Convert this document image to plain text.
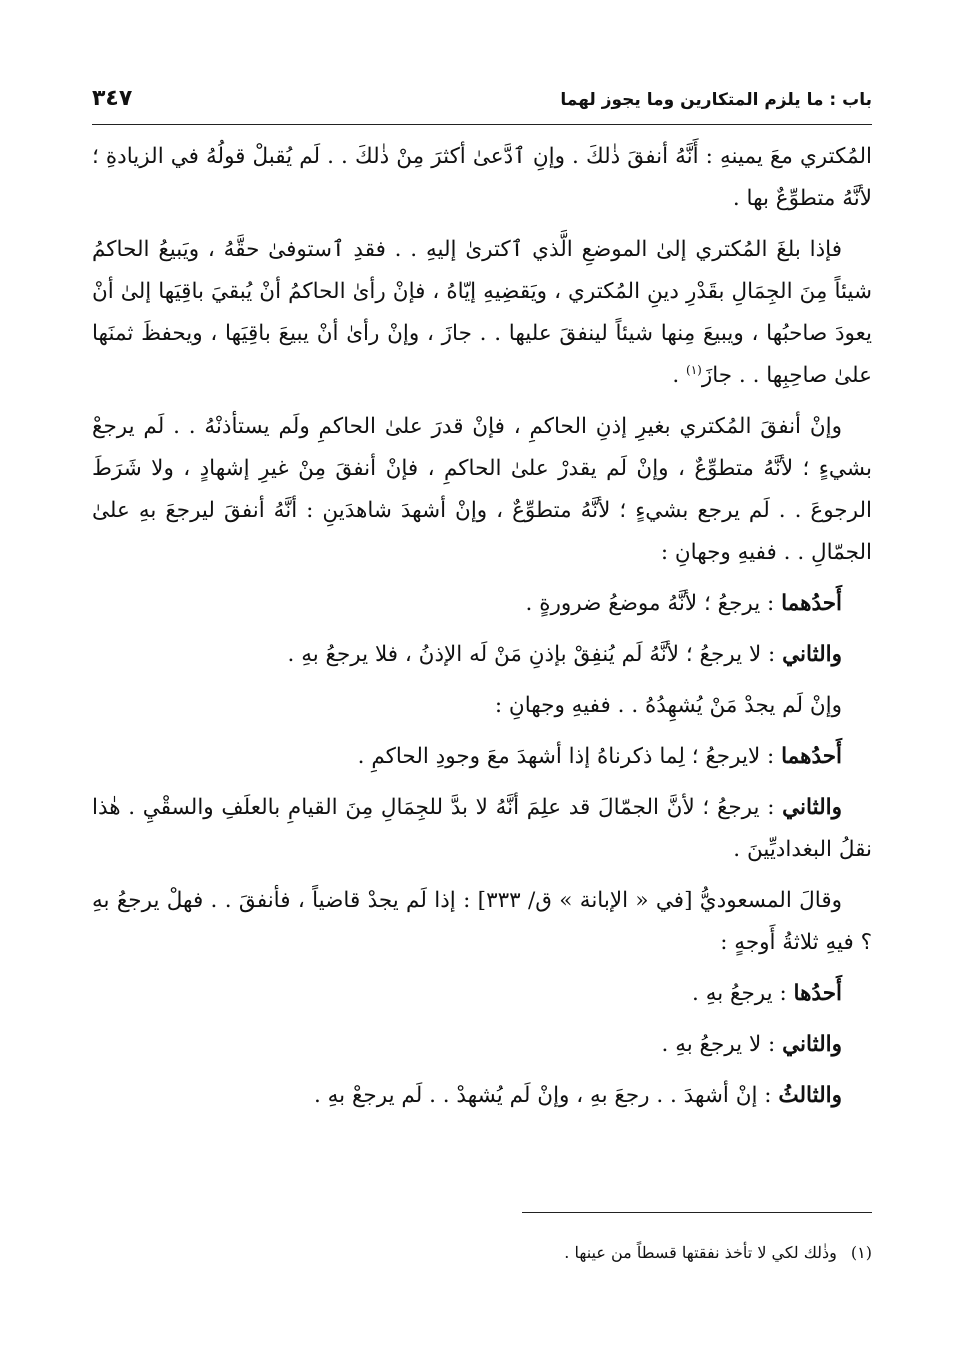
باب : ما يلزم المتكارين وما يجوز لهما
٣٤٧

المُكتري معَ يمينهِ : أَنَّهُ أنفقَ ذٰلكَ . وإنِ ٱدَّعىٰ أكثرَ مِنْ ذٰلكَ . . لَم يُقبلْ قولُهُ في الزيادةِ ؛ لأنَّهُ متطوِّعٌ بها .

فإذا بلغَ المُكتري إلىٰ الموضعِ الَّذي ٱكترىٰ إليهِ . . فقدِ ٱستوفىٰ حقَّهُ ، ويَبيعُ الحاكمُ شيئاً مِنَ الجِمَالِ بقَدْرِ دينِ المُكتري ، ويَقضِيهِ إيّاهُ ، فإنْ رأىٰ الحاكمُ أنْ يُبقيَ باقِيَها إلىٰ أنْ يعودَ صاحبُها ، ويبيعَ مِنها شيئاً لينفقَ عليها . . جازَ ، وإنْ رأىٰ أنْ يبيعَ باقِيَها ، ويحفظَ ثمنَها علىٰ صاحِبِها . . جازَ$^{(١)}$ .

وإنْ أنفقَ المُكتري بغيرِ إذنِ الحاكمِ ، فإنْ قدرَ علىٰ الحاكمِ ولَم يستأذنْهُ . . لَم يرجعْ بشيءٍ ؛ لأنَّهُ متطوِّعٌ ، وإنْ لَم يقدرْ علىٰ الحاكمِ ، فإنْ أنفقَ مِنْ غيرِ إشهادٍ ، ولا شَرَطَ الرجوعَ . . لَم يرجع بشيءٍ ؛ لأنَّهُ متطوِّعٌ ، وإنْ أشهدَ شاهدَينِ : أنَّهُ أنفقَ ليرجعَ بهِ علىٰ الجمّالِ . . ففيهِ وجهانِ :

أَحدُهما : يرجعُ ؛ لأنَّهُ موضعُ ضرورةٍ .

والثاني : لا يرجعُ ؛ لأنَّهُ لَم يُنفِقْ بإذنِ مَنْ لَه الإذنُ ، فلا يرجعُ بهِ .

وإنْ لَم يجدْ مَنْ يُشهِدُهُ . . ففيهِ وجهانِ :

أَحدُهما : لايرجعُ ؛ لِما ذكرناهُ إذا أشهدَ معَ وجودِ الحاكمِ .

والثاني : يرجعُ ؛ لأنَّ الجمّالَ قد علِمَ أنَّهُ لا بدَّ للجِمَالِ مِنَ القيامِ بالعلَفِ والسقْيِ . هٰذا نقلُ البغداديِّينَ .

وقالَ المسعوديُّ [في « الإبانة » ق/ ٣٣٣] : إذا لَم يجدْ قاضياً ، فأنفقَ . . فهلْ يرجعُ بهِ ؟ فيهِ ثلاثةُ أَوجهٍ :

أَحدُها : يرجعُ بهِ .

والثاني : لا يرجعُ بهِ .

والثالثُ : إنْ أشهدَ . . رجعَ بهِ ، وإنْ لَم يُشهدْ . . لَم يرجعْ بهِ .

(١)وذٰلك لكي لا تأخذ نفقتها قسطاً من عينها .
